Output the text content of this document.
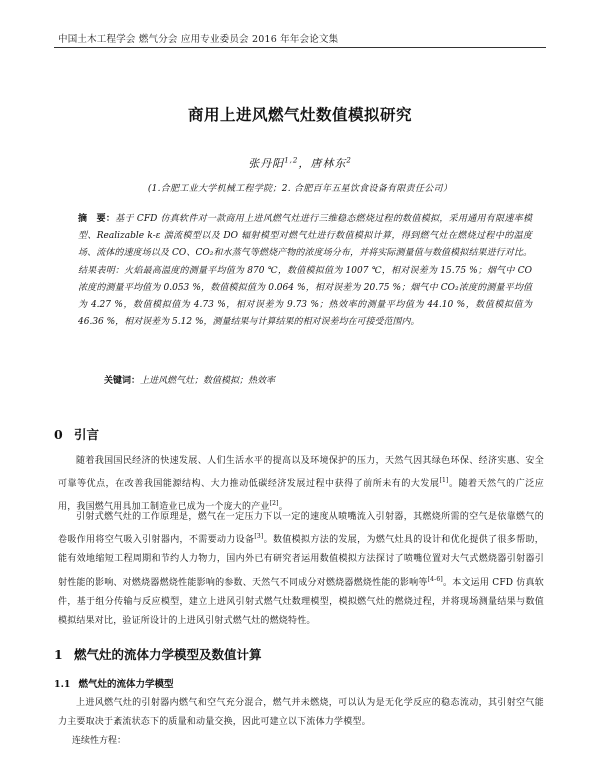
中国土木工程学会 燃气分会 应用专业委员会 2016 年年会论文集
商用上进风燃气灶数值模拟研究
张丹阳$^{1,2}$，唐林东$^2$
(1.合肥工业大学机械工程学院；2. 合肥百年五星饮食设备有限责任公司）
摘　要：基于 CFD 仿真软件对一款商用上进风燃气灶进行三维稳态燃烧过程的数值模拟，采用通用有限速率模型、Realizable k-ε 湍流模型以及 DO 辐射模型对燃气灶进行数值模拟计算，得到燃气灶在燃烧过程中的温度场、流体的速度场以及 CO、CO₂和水蒸气等燃烧产物的浓度场分布，并将实际测量值与数值模拟结果进行对比。结果表明：火焰最高温度的测量平均值为 870 ℃，数值模拟值为 1007 ℃，相对误差为 15.75 %；烟气中 CO 浓度的测量平均值为 0.053 %，数值模拟值为 0.064 %，相对误差为 20.75 %；烟气中 CO₂浓度的测量平均值为 4.27 %，数值模拟值为 4.73 %，相对误差为 9.73 %；热效率的测量平均值为 44.10 %，数值模拟值为 46.36 %，相对误差为 5.12 %，测量结果与计算结果的相对误差均在可接受范围内。
关键词：上进风燃气灶；数值模拟；热效率
0 引言

随着我国国民经济的快速发展、人们生活水平的提高以及环境保护的压力，天然气因其绿色环保、经济实惠、安全可靠等优点，在改善我国能源结构、大力推动低碳经济发展过程中获得了前所未有的大发展[1]。随着天然气的广泛应用，我国燃气用具加工制造业已成为一个庞大的产业[2]。

引射式燃气灶的工作原理是，燃气在一定压力下以一定的速度从喷嘴流入引射器，其燃烧所需的空气是依靠燃气的卷吸作用将空气吸入引射器内，不需要动力设备[3]。数值模拟方法的发展，为燃气灶具的设计和优化提供了很多帮助，能有效地缩短工程周期和节约人力物力，国内外已有研究者运用数值模拟方法探讨了喷嘴位置对大气式燃烧器引射器引射性能的影响、对燃烧器燃烧性能影响的参数、天然气不同成分对燃烧器燃烧性能的影响等[4-6]。本文运用 CFD 仿真软件，基于组分传输与反应模型，建立上进风引射式燃气灶数理模型，模拟燃气灶的燃烧过程，并将现场测量结果与数值模拟结果对比，验证所设计的上进风引射式燃气灶的燃烧特性。

1 燃气灶的流体力学模型及数值计算
1.1 燃气灶的流体力学模型

上进风燃气灶的引射器内燃气和空气充分混合，燃气并未燃烧，可以认为是无化学反应的稳态流动，其引射空气能力主要取决于紊流状态下的质量和动量交换，因此可建立以下流体力学模型。

连续性方程：
